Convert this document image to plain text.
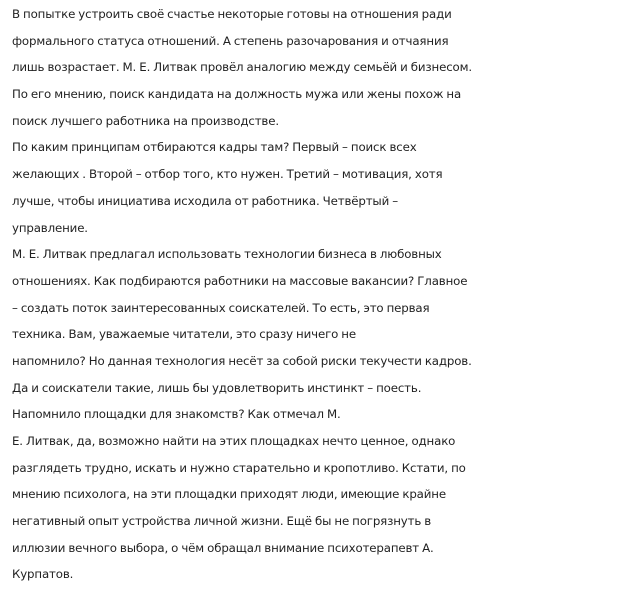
В попытке устроить своё счастье некоторые готовы на отношения ради
формального статуса отношений. А степень разочарования и отчаяния
лишь возрастает. М. Е. Литвак провёл аналогию между семьёй и бизнесом.
По его мнению, поиск кандидата на должность мужа или жены похож на
поиск лучшего работника на производстве.
По каким принципам отбираются кадры там? Первый – поиск всех
желающих . Второй – отбор того, кто нужен. Третий – мотивация, хотя
лучше, чтобы инициатива исходила от работника. Четвёртый –
управление.
М. Е. Литвак предлагал использовать технологии бизнеса в любовных
отношениях. Как подбираются работники на массовые вакансии? Главное
– создать поток заинтересованных соискателей. То есть, это первая
техника. Вам, уважаемые читатели, это сразу ничего не
напомнило? Но данная технология несёт за собой риски текучести кадров.
Да и соискатели такие, лишь бы удовлетворить инстинкт – поесть.
Напомнило площадки для знакомств? Как отмечал М.
Е. Литвак, да, возможно найти на этих площадках нечто ценное, однако
разглядеть трудно, искать и нужно старательно и кропотливо. Кстати, по
мнению психолога, на эти площадки приходят люди, имеющие крайне
негативный опыт устройства личной жизни. Ещё бы не погрязнуть в
иллюзии вечного выбора, о чём обращал внимание психотерапевт А.
Курпатов.
